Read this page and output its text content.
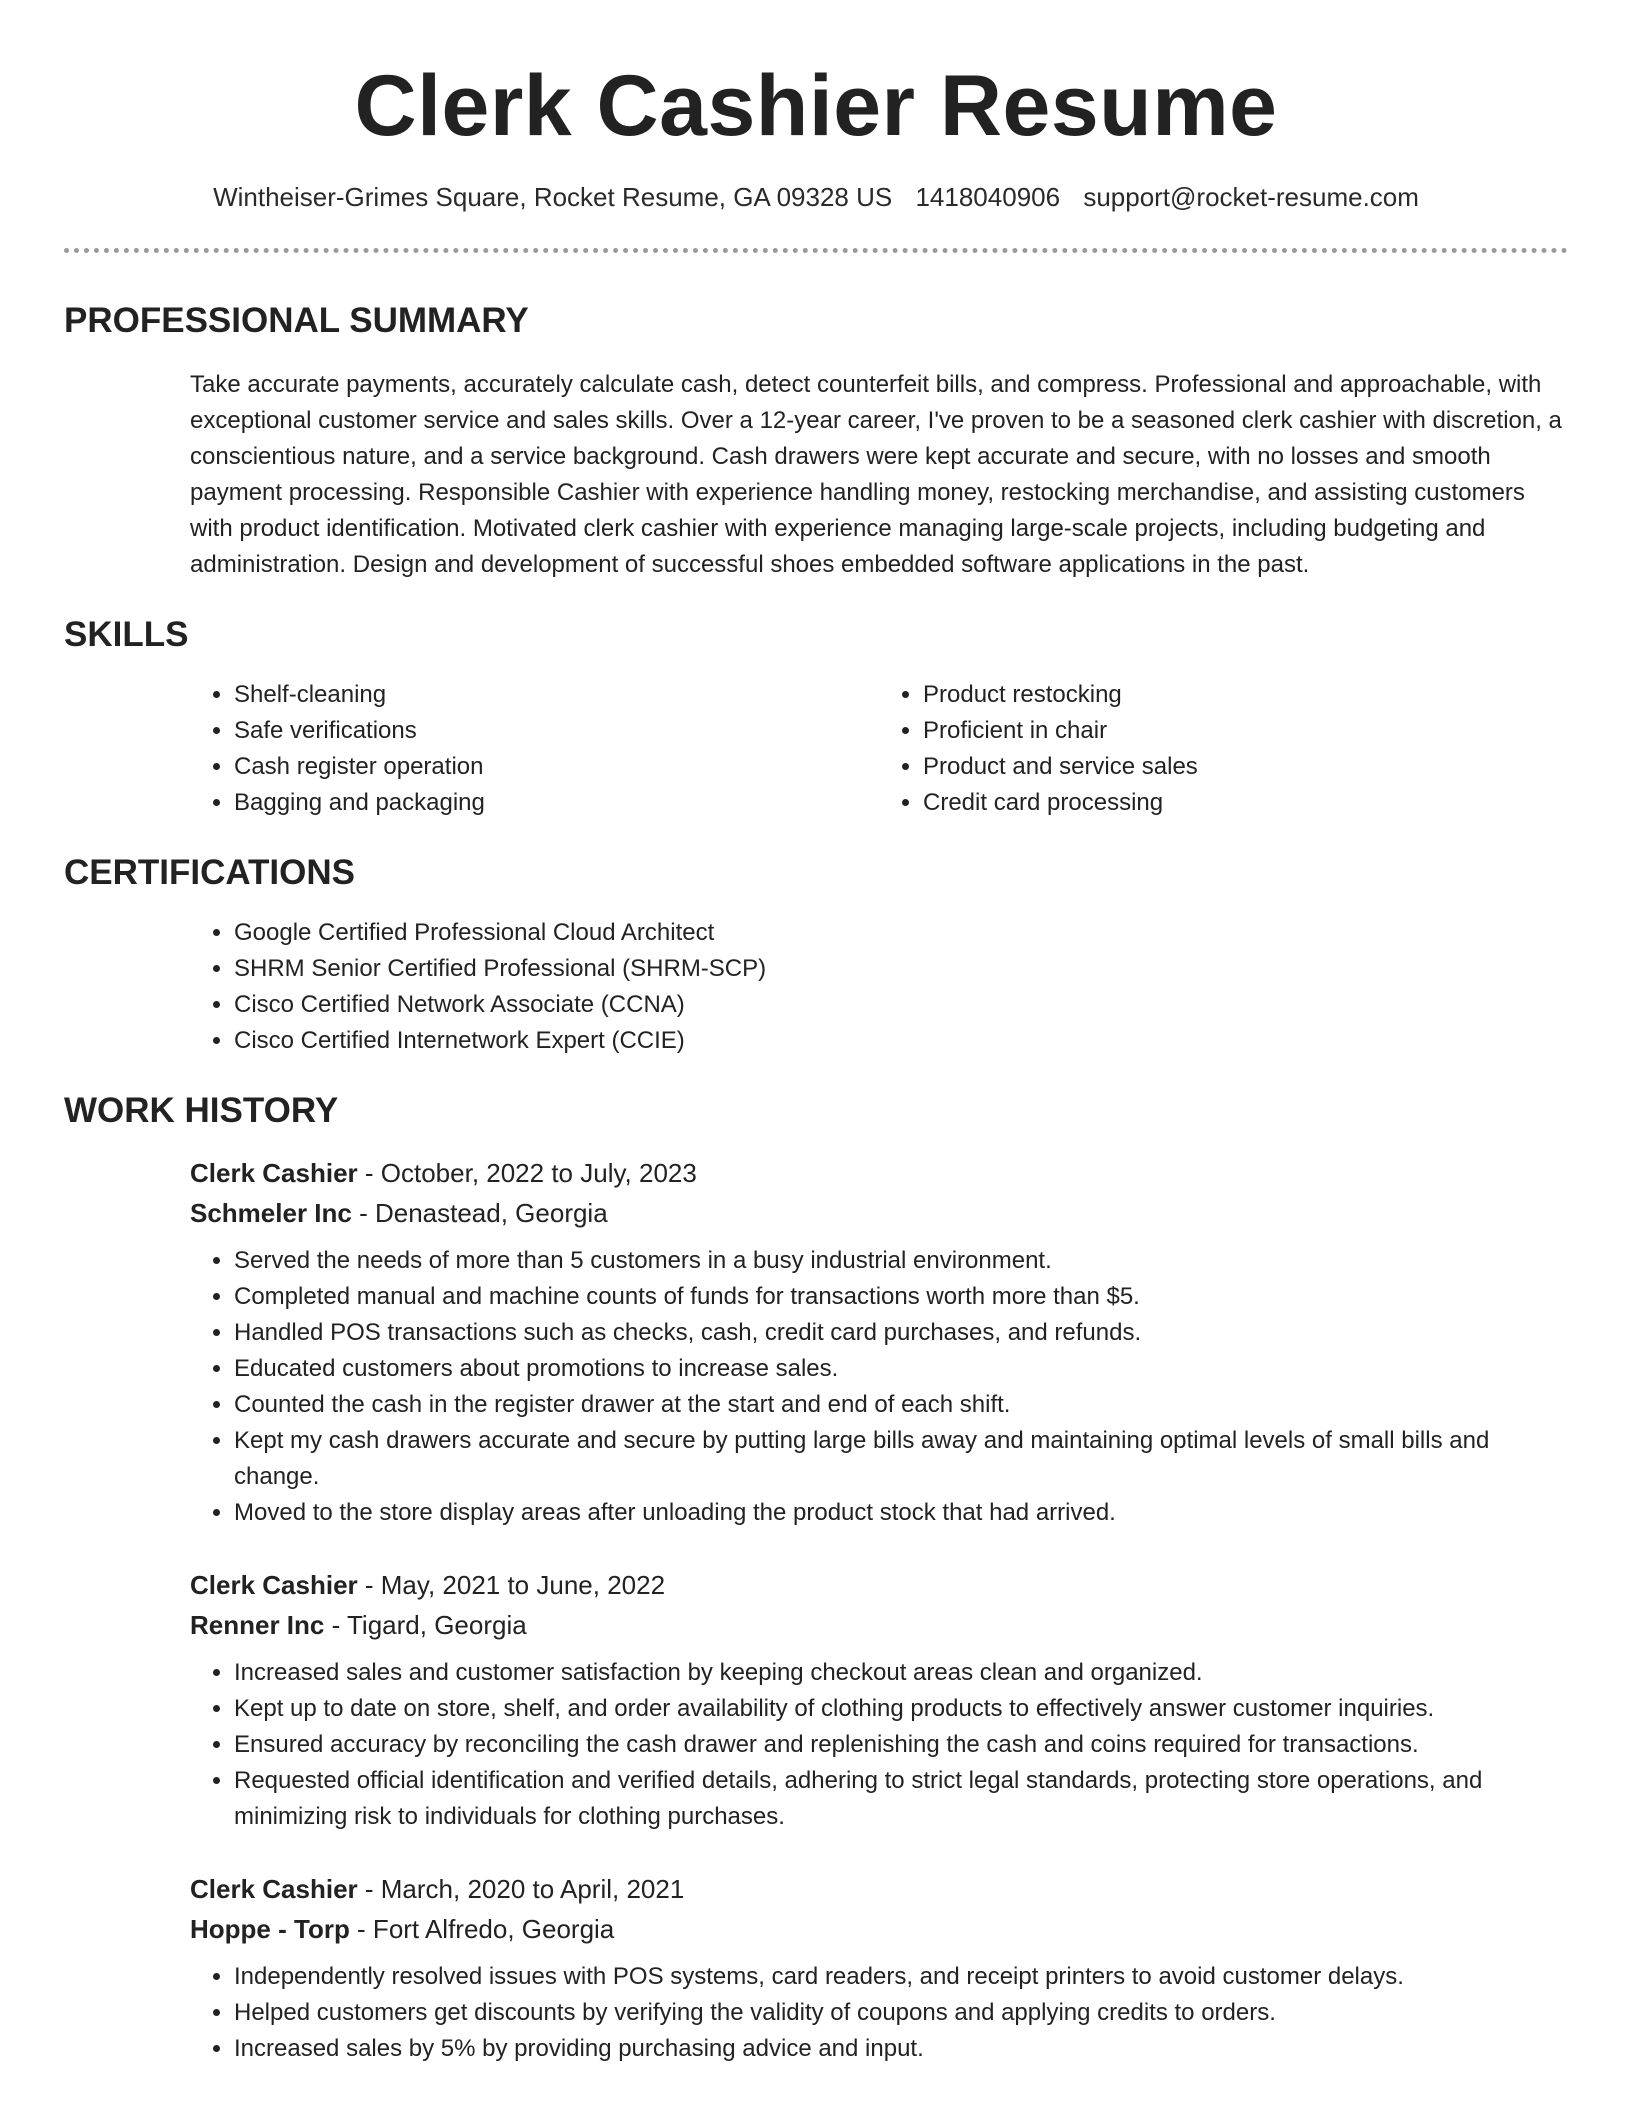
Clerk Cashier Resume
Wintheiser-Grimes Square, Rocket Resume, GA 09328 US 1418040906 support@rocket-resume.com
PROFESSIONAL SUMMARY

Take accurate payments, accurately calculate cash, detect counterfeit bills, and compress. Professional and approachable, with exceptional customer service and sales skills. Over a 12-year career, I've proven to be a seasoned clerk cashier with discretion, a conscientious nature, and a service background. Cash drawers were kept accurate and secure, with no losses and smooth payment processing. Responsible Cashier with experience handling money, restocking merchandise, and assisting customers with product identification. Motivated clerk cashier with experience managing large-scale projects, including budgeting and administration. Design and development of successful shoes embedded software applications in the past.

SKILLS
• Shelf-cleaning
• Safe verifications
• Cash register operation
• Bagging and packaging
• Product restocking
• Proficient in chair
• Product and service sales
• Credit card processing
CERTIFICATIONS
• Google Certified Professional Cloud Architect
• SHRM Senior Certified Professional (SHRM-SCP)
• Cisco Certified Network Associate (CCNA)
• Cisco Certified Internetwork Expert (CCIE)
WORK HISTORY
Clerk Cashier - October, 2022 to July, 2023
Schmeler Inc - Denastead, Georgia
• Served the needs of more than 5 customers in a busy industrial environment.
• Completed manual and machine counts of funds for transactions worth more than $5.
• Handled POS transactions such as checks, cash, credit card purchases, and refunds.
• Educated customers about promotions to increase sales.
• Counted the cash in the register drawer at the start and end of each shift.
• Kept my cash drawers accurate and secure by putting large bills away and maintaining optimal levels of small bills and change.
• Moved to the store display areas after unloading the product stock that had arrived.
Clerk Cashier - May, 2021 to June, 2022
Renner Inc - Tigard, Georgia
• Increased sales and customer satisfaction by keeping checkout areas clean and organized.
• Kept up to date on store, shelf, and order availability of clothing products to effectively answer customer inquiries.
• Ensured accuracy by reconciling the cash drawer and replenishing the cash and coins required for transactions.
• Requested official identification and verified details, adhering to strict legal standards, protecting store operations, and minimizing risk to individuals for clothing purchases.
Clerk Cashier - March, 2020 to April, 2021
Hoppe - Torp - Fort Alfredo, Georgia
• Independently resolved issues with POS systems, card readers, and receipt printers to avoid customer delays.
• Helped customers get discounts by verifying the validity of coupons and applying credits to orders.
• Increased sales by 5% by providing purchasing advice and input.
